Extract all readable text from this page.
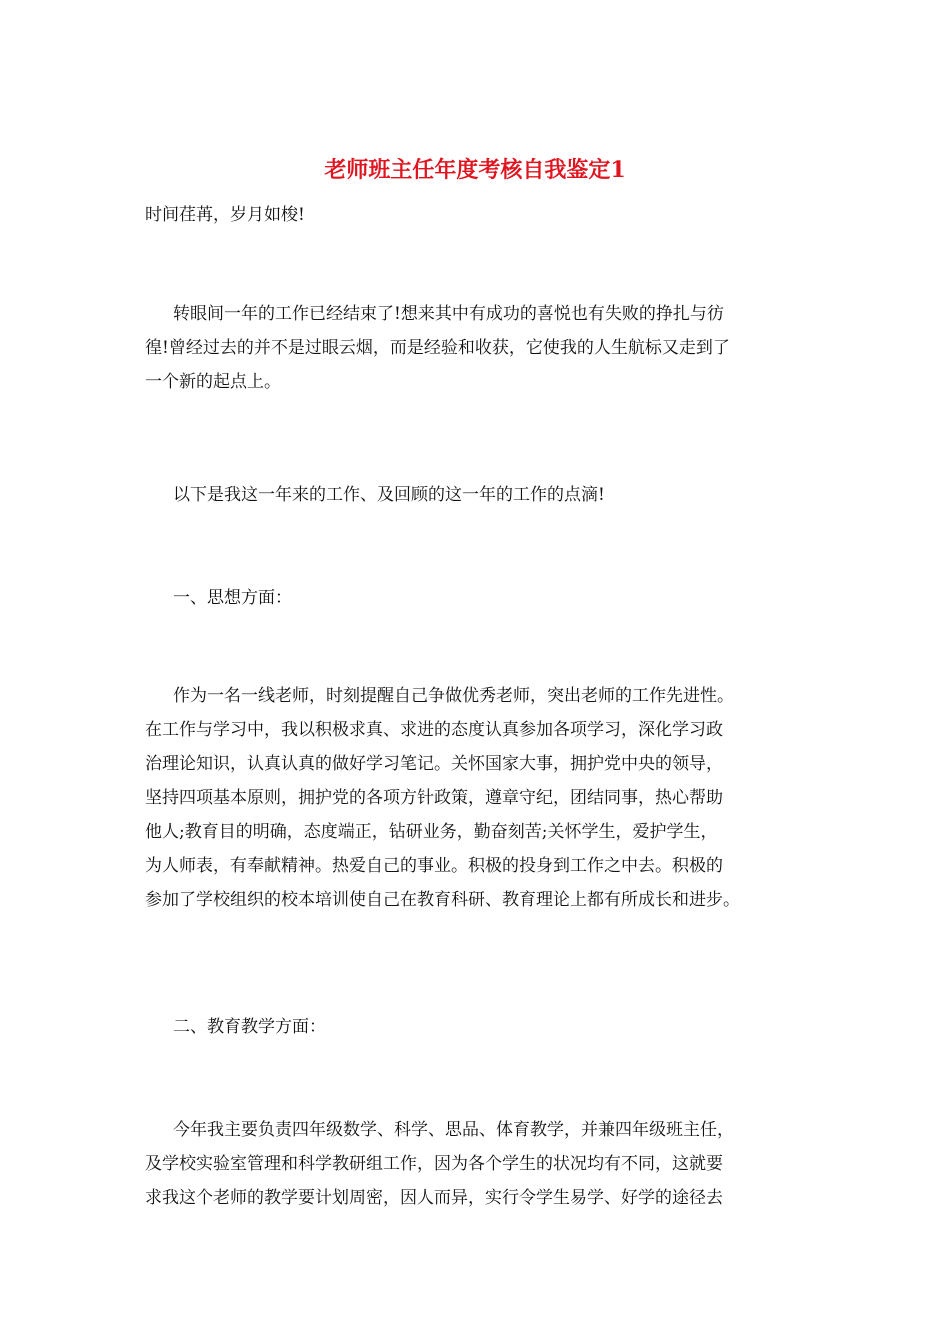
老师班主任年度考核自我鉴定1

时间荏苒，岁月如梭!

转眼间一年的工作已经结束了!想来其中有成功的喜悦也有失败的挣扎与彷
徨!曾经过去的并不是过眼云烟，而是经验和收获，它使我的人生航标又走到了
一个新的起点上。

以下是我这一年来的工作、及回顾的这一年的工作的点滴!

一、思想方面：

作为一名一线老师，时刻提醒自己争做优秀老师，突出老师的工作先进性。
在工作与学习中，我以积极求真、求进的态度认真参加各项学习，深化学习政
治理论知识，认真认真的做好学习笔记。关怀国家大事，拥护党中央的领导，
坚持四项基本原则，拥护党的各项方针政策，遵章守纪，团结同事，热心帮助
他人;教育目的明确，态度端正，钻研业务，勤奋刻苦;关怀学生，爱护学生，
为人师表，有奉献精神。热爱自己的事业。积极的投身到工作之中去。积极的
参加了学校组织的校本培训使自己在教育科研、教育理论上都有所成长和进步。

二、教育教学方面：

今年我主要负责四年级数学、科学、思品、体育教学，并兼四年级班主任，
及学校实验室管理和科学教研组工作，因为各个学生的状况均有不同，这就要
求我这个老师的教学要计划周密，因人而异，实行令学生易学、好学的途径去
